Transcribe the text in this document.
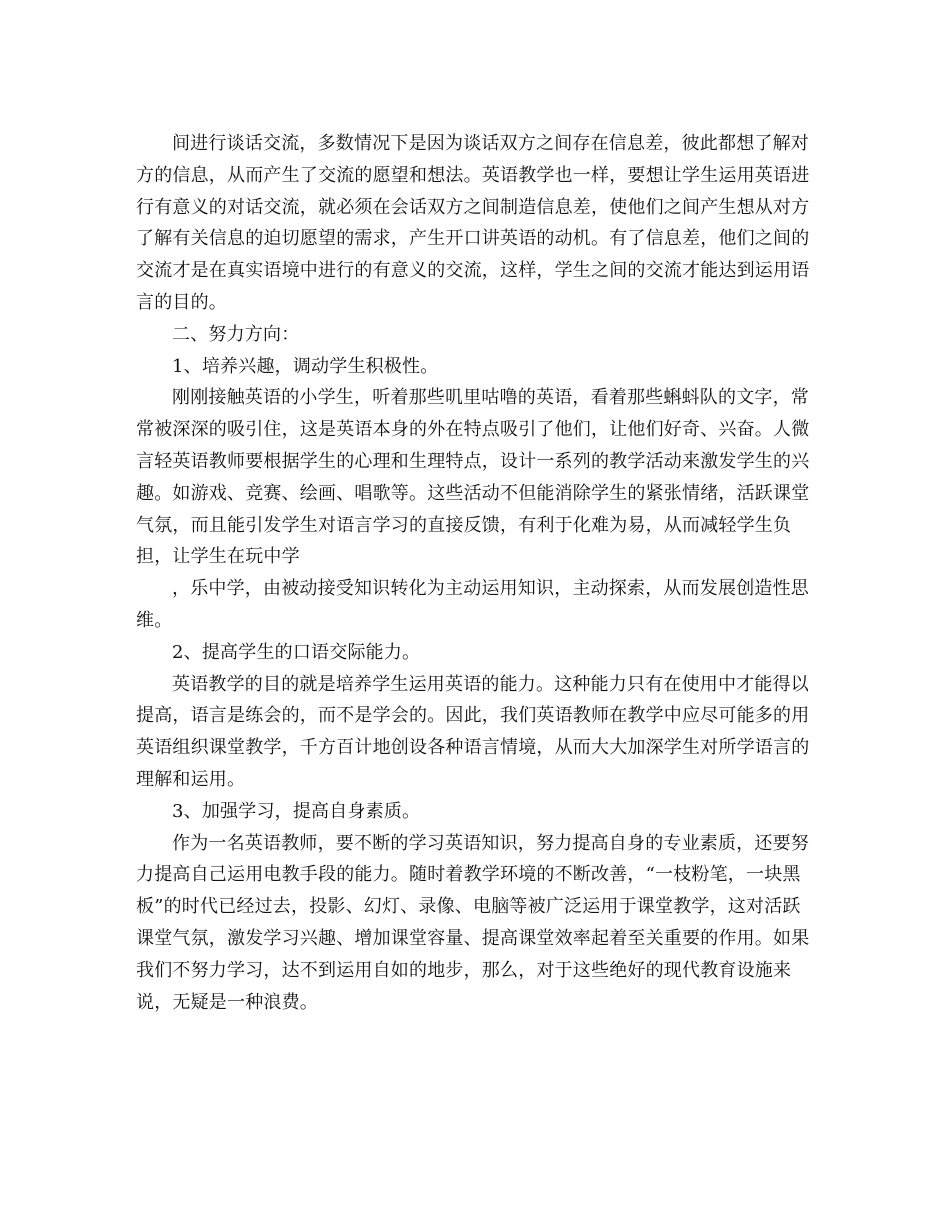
间进行谈话交流，多数情况下是因为谈话双方之间存在信息差，彼此都想了解对方的信息，从而产生了交流的愿望和想法。英语教学也一样，要想让学生运用英语进行有意义的对话交流，就必须在会话双方之间制造信息差，使他们之间产生想从对方了解有关信息的迫切愿望的需求，产生开口讲英语的动机。有了信息差，他们之间的交流才是在真实语境中进行的有意义的交流，这样，学生之间的交流才能达到运用语言的目的。

二、努力方向：

1、培养兴趣，调动学生积极性。

刚刚接触英语的小学生，听着那些叽里咕噜的英语，看着那些蝌蚪队的文字，常常被深深的吸引住，这是英语本身的外在特点吸引了他们，让他们好奇、兴奋。人微言轻英语教师要根据学生的心理和生理特点，设计一系列的教学活动来激发学生的兴趣。如游戏、竞赛、绘画、唱歌等。这些活动不但能消除学生的紧张情绪，活跃课堂气氛，而且能引发学生对语言学习的直接反馈，有利于化难为易，从而减轻学生负担，让学生在玩中学

，乐中学，由被动接受知识转化为主动运用知识，主动探索，从而发展创造性思维。

2、提高学生的口语交际能力。

英语教学的目的就是培养学生运用英语的能力。这种能力只有在使用中才能得以提高，语言是练会的，而不是学会的。因此，我们英语教师在教学中应尽可能多的用英语组织课堂教学，千方百计地创设各种语言情境，从而大大加深学生对所学语言的理解和运用。

3、加强学习，提高自身素质。

作为一名英语教师，要不断的学习英语知识，努力提高自身的专业素质，还要努力提高自己运用电教手段的能力。随时着教学环境的不断改善，“一枝粉笔，一块黑板”的时代已经过去，投影、幻灯、录像、电脑等被广泛运用于课堂教学，这对活跃课堂气氛，激发学习兴趣、增加课堂容量、提高课堂效率起着至关重要的作用。如果我们不努力学习，达不到运用自如的地步，那么，对于这些绝好的现代教育设施来说，无疑是一种浪费。
